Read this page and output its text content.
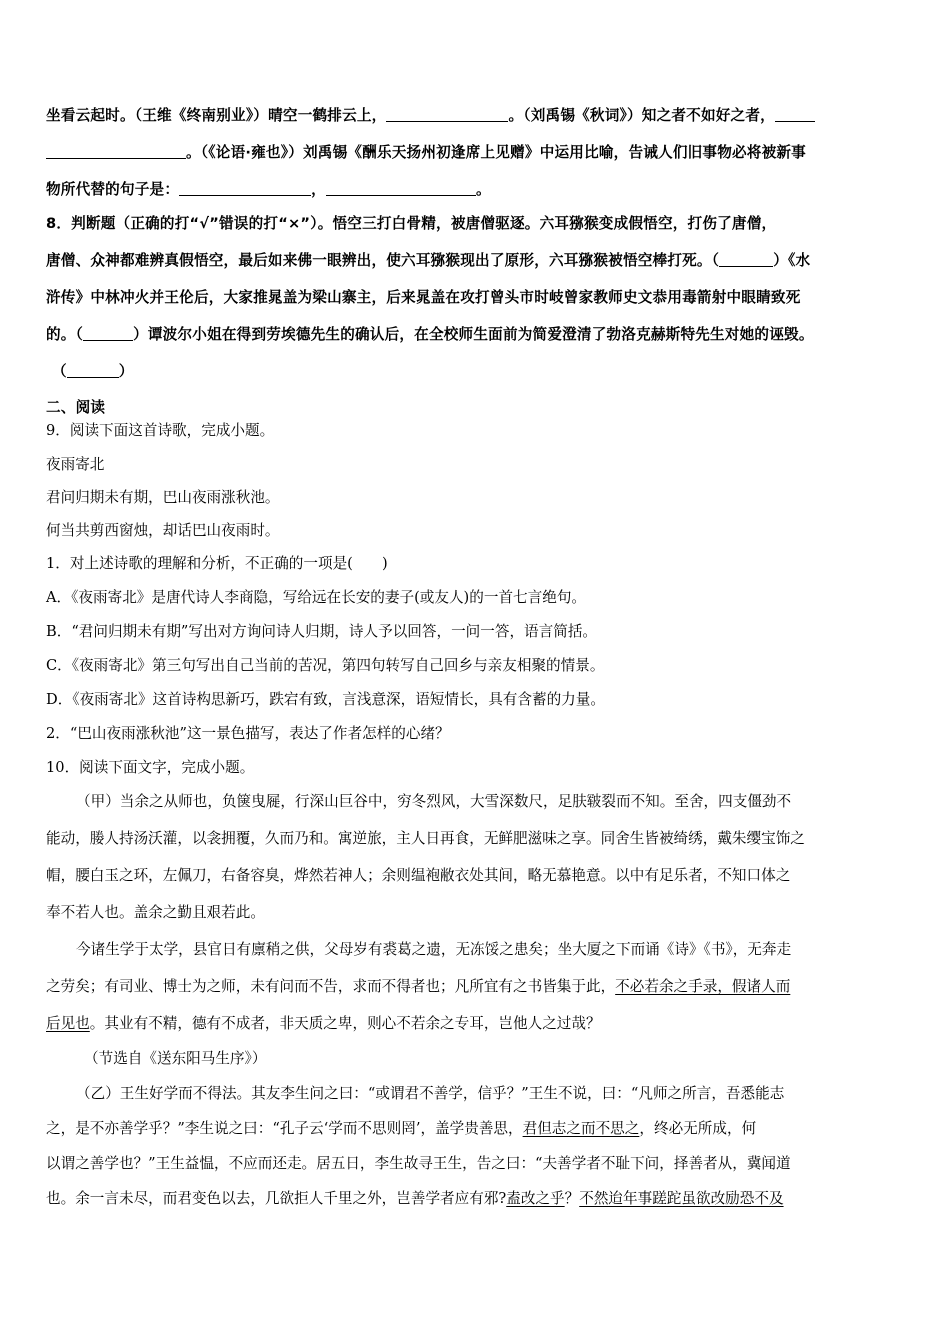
坐看云起时。（王维《终南别业》）晴空一鹤排云上，	。（刘禹锡《秋词》）知之者不如好之者，
。（《论语·雍也》）刘禹锡《酬乐天扬州初逢席上见赠》中运用比喻，告诫人们旧事物必将被新事
物所代替的句子是：	，	。
8．判断题（正确的打“√”错误的打“×”）。悟空三打白骨精，被唐僧驱逐。六耳猕猴变成假悟空，打伤了唐僧，
唐僧、众神都难辨真假悟空，最后如来佛一眼辨出，使六耳猕猴现出了原形，六耳猕猴被悟空棒打死。（	）《水
浒传》中林冲火并王伦后，大家推晁盖为梁山寨主，后来晁盖在攻打曾头市时岐曾家教师史文恭用毒箭射中眼睛致死
的。（	）谭波尔小姐在得到劳埃德先生的确认后，在全校师生面前为简爱澄清了勃洛克赫斯特先生对她的诬毁。
（	）
二、阅读
9．阅读下面这首诗歌，完成小题。
夜雨寄北
君问归期未有期，巴山夜雨涨秋池。
何当共剪西窗烛，却话巴山夜雨时。
1．对上述诗歌的理解和分析，不正确的一项是(　　)
A．《夜雨寄北》是唐代诗人李商隐，写给远在长安的妻子(或友人)的一首七言绝句。
B．“君问归期未有期”写出对方询问诗人归期，诗人予以回答，一问一答，语言简括。
C．《夜雨寄北》第三句写出自己当前的苦况，第四句转写自己回乡与亲友相聚的情景。
D．《夜雨寄北》这首诗构思新巧，跌宕有致，言浅意深，语短情长，具有含蓄的力量。
2．“巴山夜雨涨秋池”这一景色描写，表达了作者怎样的心绪？
10．阅读下面文字，完成小题。
（甲）当余之从师也，负箧曳屣，行深山巨谷中，穷冬烈风，大雪深数尺，足肤皲裂而不知。至舍，四支僵劲不
能动，媵人持汤沃灌，以衾拥覆，久而乃和。寓逆旅，主人日再食，无鲜肥滋味之享。同舍生皆被绮绣，戴朱缨宝饰之
帽，腰白玉之环，左佩刀，右备容臭，烨然若神人；余则缊袍敝衣处其间，略无慕艳意。以中有足乐者，不知口体之
奉不若人也。盖余之勤且艰若此。
今诸生学于太学，县官日有廪稍之供，父母岁有裘葛之遗，无冻馁之患矣；坐大厦之下而诵《诗》《书》，无奔走
之劳矣；有司业、博士为之师，未有问而不告，求而不得者也；凡所宜有之书皆集于此，不必若余之手录，假诸人而
后见也。其业有不精，德有不成者，非天质之卑，则心不若余之专耳，岂他人之过哉？
（节选自《送东阳马生序》）
（乙）王生好学而不得法。其友李生问之曰：“或谓君不善学，信乎？”王生不说，曰：“凡师之所言，吾悉能志
之，是不亦善学乎？”李生说之曰：“孔子云‘学而不思则罔’，盖学贵善思，君但志之而不思之，终必无所成，何
以谓之善学也？”王生益愠，不应而还走。居五日，李生故寻王生，告之曰：“夫善学者不耻下问，择善者从，冀闻道
也。余一言未尽，而君变色以去，几欲拒人千里之外，岂善学者应有邪?盍改之乎？不然迨年事蹉跎虽欲改励恐不及
